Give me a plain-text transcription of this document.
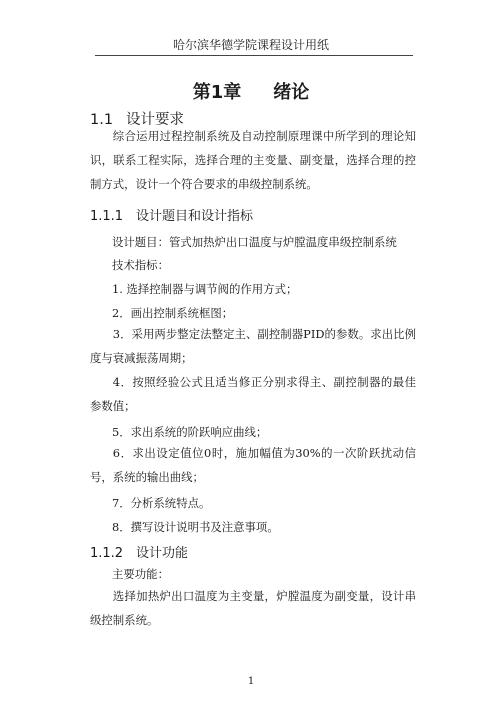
哈尔滨华德学院课程设计用纸
第1章 绪论
1.1 设计要求

综合运用过程控制系统及自动控制原理课中所学到的理论知识，联系工程实际，选择合理的主变量、副变量，选择合理的控制方式，设计一个符合要求的串级控制系统。

1.1.1 设计题目和设计指标
设计题目：管式加热炉出口温度与炉膛温度串级控制系统
技术指标：
1. 选择控制器与调节阀的作用方式；
2．画出控制系统框图；

3．采用两步整定法整定主、副控制器PID的参数。求出比例度与衰减振荡周期；

4．按照经验公式且适当修正分别求得主、副控制器的最佳参数值；

5．求出系统的阶跃响应曲线；

6．求出设定值位0时，施加幅值为30%的一次阶跃扰动信号，系统的输出曲线；

7．分析系统特点。
8．撰写设计说明书及注意事项。
1.1.2 设计功能
主要功能：

选择加热炉出口温度为主变量，炉膛温度为副变量，设计串级控制系统。

1
